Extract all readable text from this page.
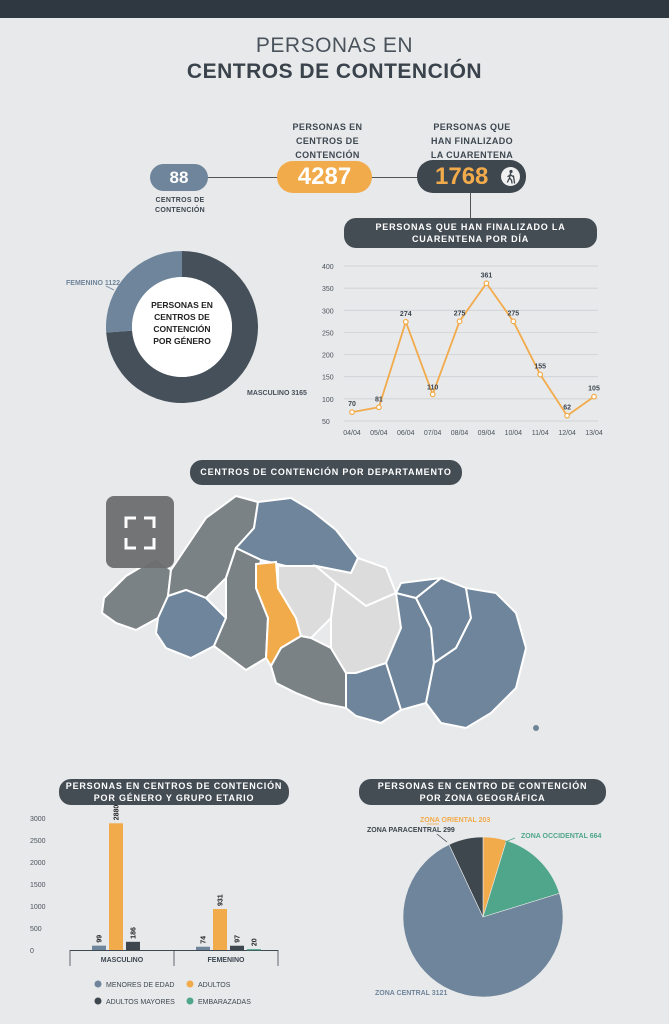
PERSONAS EN
CENTROS DE CONTENCIÓN
88
CENTROS DE
CONTENCIÓN
PERSONAS EN
CENTROS DE
CONTENCIÓN
4287
PERSONAS QUE
HAN FINALIZADO
LA CUARENTENA
1768
PERSONAS QUE HAN FINALIZADO LA
CUARENTENA POR DÍA
PERSONAS EN
CENTROS DE
CONTENCIÓN
POR GÉNERO
FEMENINO 1122
MASCULINO 3165
50
100
150
200
250
300
350
400
04/04 05/04 06/04 07/04 08/04 09/04 10/04 11/04 12/04 13/04
70
81
274
110
275
361
275
155
62
105
CENTROS DE CONTENCIÓN POR DEPARTAMENTO
PERSONAS EN CENTROS DE CONTENCIÓN
POR GÉNERO Y GRUPO ETARIO
PERSONAS EN CENTRO DE CONTENCIÓN
POR ZONA GEOGRÁFICA
0
500
1000
1500
2000
2500
3000
99
2880
186
MASCULINO
74
931
97 20
FEMENINO
MENORES DE EDAD	ADULTOS
ADULTOS MAYORES	EMBARAZADAS
ZONA ORIENTAL 203
ZONA OCCIDENTAL 664
ZONA CENTRAL 3121
ZONA PARACENTRAL 299
